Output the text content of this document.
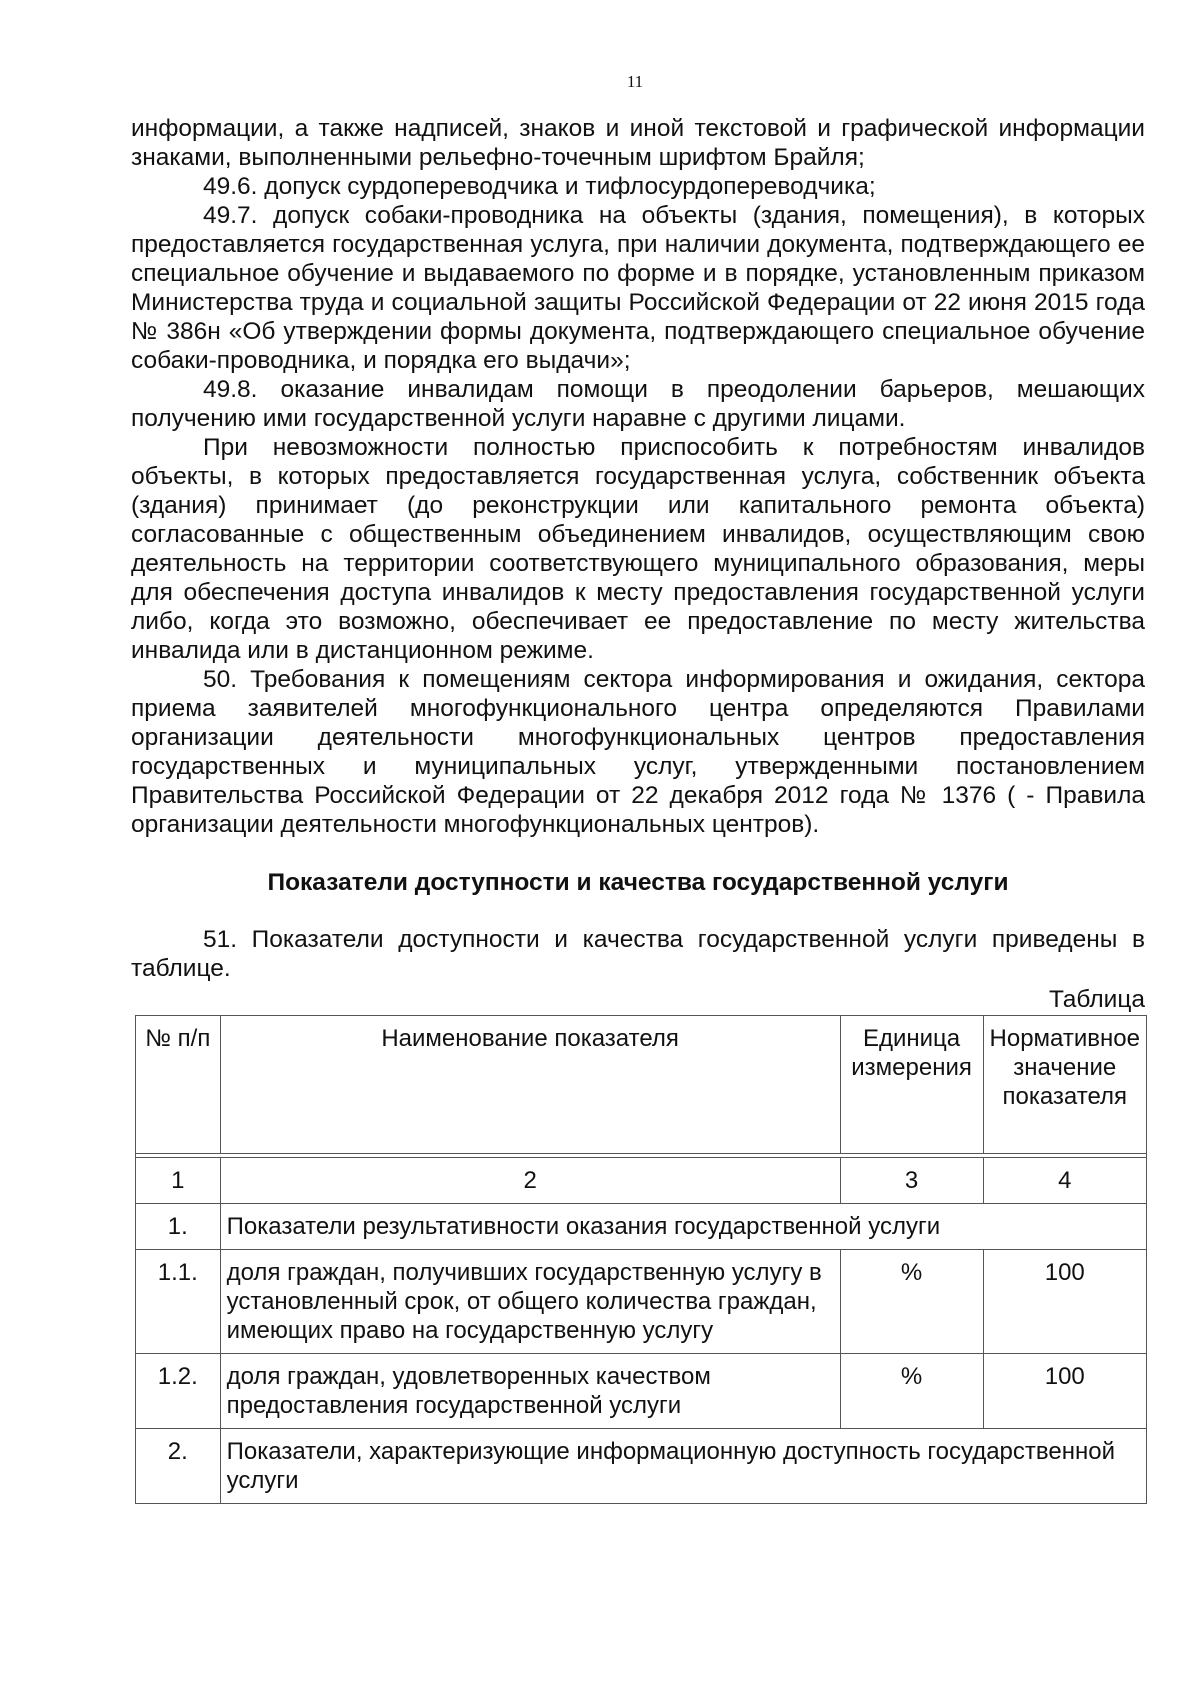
11

информации, а также надписей, знаков и иной текстовой и графической информации знаками, выполненными рельефно-точечным шрифтом Брайля;

49.6. допуск сурдопереводчика и тифлосурдопереводчика;

49.7. допуск собаки-проводника на объекты (здания, помещения), в которых предоставляется государственная услуга, при наличии документа, подтверждающего ее специальное обучение и выдаваемого по форме и в порядке, установленным приказом Министерства труда и социальной защиты Российской Федерации от 22 июня 2015 года № 386н «Об утверждении формы документа, подтверждающего специальное обучение собаки-проводника, и порядка его выдачи»;

49.8. оказание инвалидам помощи в преодолении барьеров, мешающих получению ими государственной услуги наравне с другими лицами.

При невозможности полностью приспособить к потребностям инвалидов объекты, в которых предоставляется государственная услуга, собственник объекта (здания) принимает (до реконструкции или капитального ремонта объекта) согласованные с общественным объединением инвалидов, осуществляющим свою деятельность на территории соответствующего муниципального образования, меры для обеспечения доступа инвалидов к месту предоставления государственной услуги либо, когда это возможно, обеспечивает ее предоставление по месту жительства инвалида или в дистанционном режиме.

50. Требования к помещениям сектора информирования и ожидания, сектора приема заявителей многофункционального центра определяются Правилами организации деятельности многофункциональных центров предоставления государственных и муниципальных услуг, утвержденными постановлением Правительства Российской Федерации от 22 декабря 2012 года № 1376 ( - Правила организации деятельности многофункциональных центров).

Показатели доступности и качества государственной услуги

51. Показатели доступности и качества государственной услуги приведены в таблице.

Таблица
№ п/п	Наименование показателя	Единица измерения	Нормативное значение показателя

1	2	3	4
1.	Показатели результативности оказания государственной услуги		
1.1.	доля граждан, получивших государственную услугу в установленный срок, от общего количества граждан, имеющих право на государственную услугу	%	100
1.2.	доля граждан, удовлетворенных качеством предоставления государственной услуги	%	100
2.	Показатели, характеризующие информационную доступность государственной услуги		
